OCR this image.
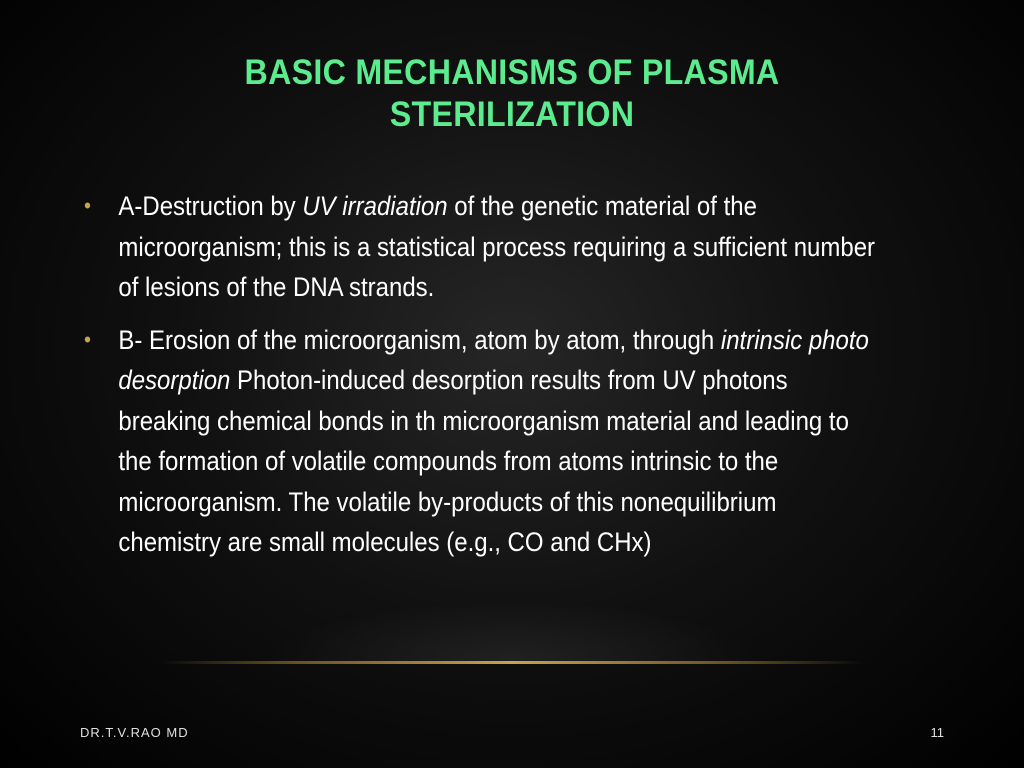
BASIC MECHANISMS OF PLASMA
STERILIZATION
• A-Destruction by UV irradiation of the genetic material of the microorganism; this is a statistical process requiring a sufficient number of lesions of the DNA strands.
• B- Erosion of the microorganism, atom by atom, through intrinsic photo desorption Photon-induced desorption results from UV photons breaking chemical bonds in th microorganism material and leading to the formation of volatile compounds from atoms intrinsic to the microorganism. The volatile by-products of this nonequilibrium chemistry are small molecules (e.g., CO and CHx)
DR.T.V.RAO MD	11
